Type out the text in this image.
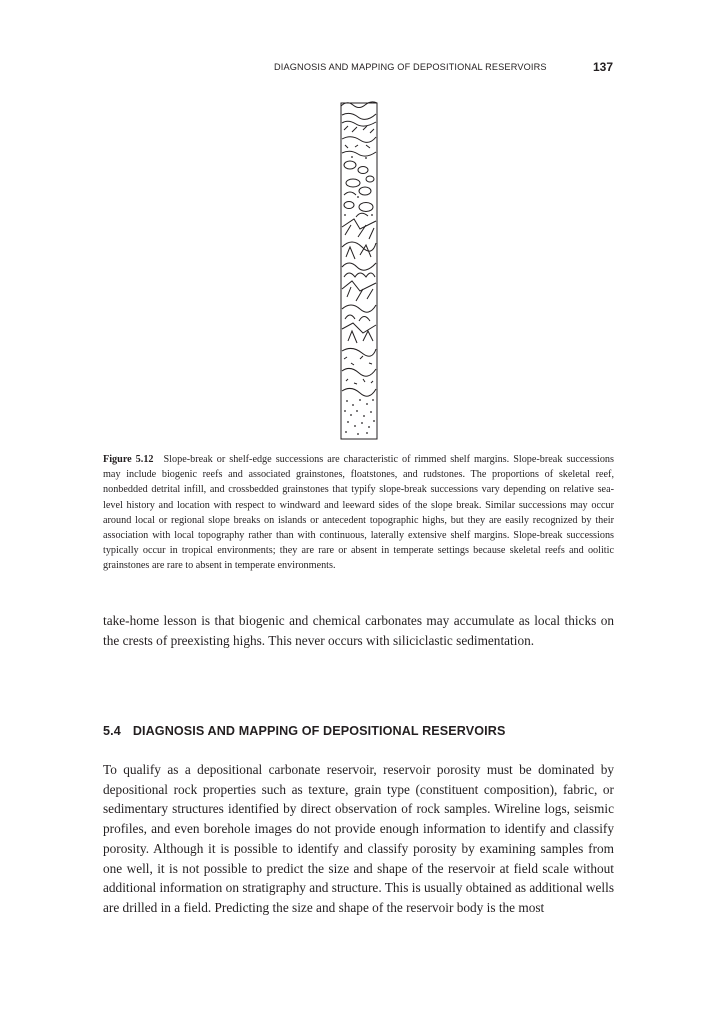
DIAGNOSIS AND MAPPING OF DEPOSITIONAL RESERVOIRS	137
Figure 5.12 Slope-break or shelf-edge successions are characteristic of rimmed shelf margins. Slope-break successions may include biogenic reefs and associated grainstones, floatstones, and rudstones. The proportions of skeletal reef, nonbedded detrital infill, and crossbedded grainstones that typify slope-break successions vary depending on relative sea-level history and location with respect to windward and leeward sides of the slope break. Similar successions may occur around local or regional slope breaks on islands or antecedent topographic highs, but they are easily recognized by their association with local topography rather than with continuous, laterally extensive shelf margins. Slope-break successions typically occur in tropical environments; they are rare or absent in temperate settings because skeletal reefs and oolitic grainstones are rare to absent in temperate environments.

take-home lesson is that biogenic and chemical carbonates may accumulate as local thicks on the crests of preexisting highs. This never occurs with siliciclastic sedimentation.

5.4 DIAGNOSIS AND MAPPING OF DEPOSITIONAL RESERVOIRS

To qualify as a depositional carbonate reservoir, reservoir porosity must be dominated by depositional rock properties such as texture, grain type (constituent composition), fabric, or sedimentary structures identified by direct observation of rock samples. Wireline logs, seismic profiles, and even borehole images do not provide enough information to identify and classify porosity. Although it is possible to identify and classify porosity by examining samples from one well, it is not possible to predict the size and shape of the reservoir at field scale without additional information on stratigraphy and structure. This is usually obtained as additional wells are drilled in a field. Predicting the size and shape of the reservoir body is the most
